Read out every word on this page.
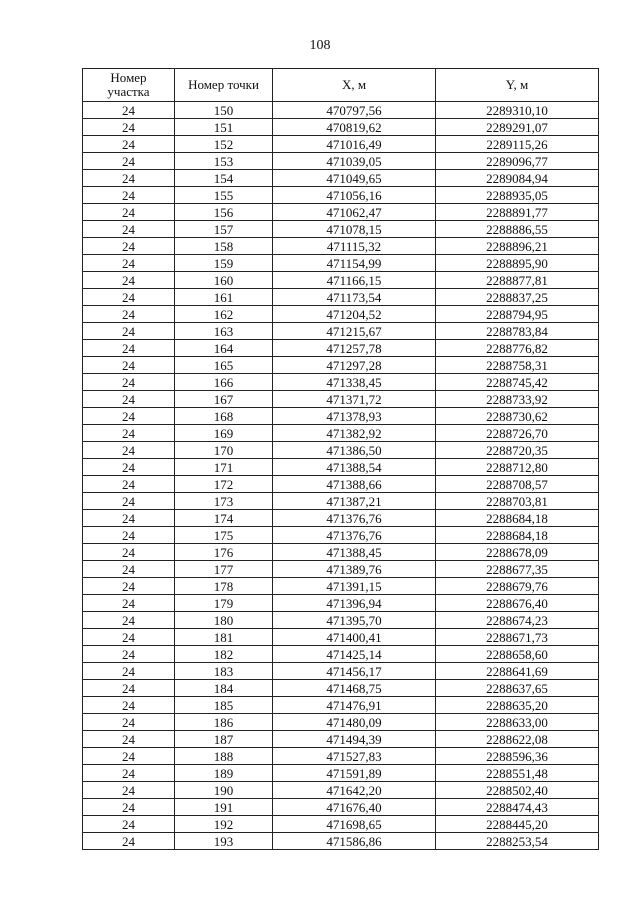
108
Номер
участка	Номер точки	X, м	Y, м
24	150	470797,56	2289310,10
24	151	470819,62	2289291,07
24	152	471016,49	2289115,26
24	153	471039,05	2289096,77
24	154	471049,65	2289084,94
24	155	471056,16	2288935,05
24	156	471062,47	2288891,77
24	157	471078,15	2288886,55
24	158	471115,32	2288896,21
24	159	471154,99	2288895,90
24	160	471166,15	2288877,81
24	161	471173,54	2288837,25
24	162	471204,52	2288794,95
24	163	471215,67	2288783,84
24	164	471257,78	2288776,82
24	165	471297,28	2288758,31
24	166	471338,45	2288745,42
24	167	471371,72	2288733,92
24	168	471378,93	2288730,62
24	169	471382,92	2288726,70
24	170	471386,50	2288720,35
24	171	471388,54	2288712,80
24	172	471388,66	2288708,57
24	173	471387,21	2288703,81
24	174	471376,76	2288684,18
24	175	471376,76	2288684,18
24	176	471388,45	2288678,09
24	177	471389,76	2288677,35
24	178	471391,15	2288679,76
24	179	471396,94	2288676,40
24	180	471395,70	2288674,23
24	181	471400,41	2288671,73
24	182	471425,14	2288658,60
24	183	471456,17	2288641,69
24	184	471468,75	2288637,65
24	185	471476,91	2288635,20
24	186	471480,09	2288633,00
24	187	471494,39	2288622,08
24	188	471527,83	2288596,36
24	189	471591,89	2288551,48
24	190	471642,20	2288502,40
24	191	471676,40	2288474,43
24	192	471698,65	2288445,20
24	193	471586,86	2288253,54
